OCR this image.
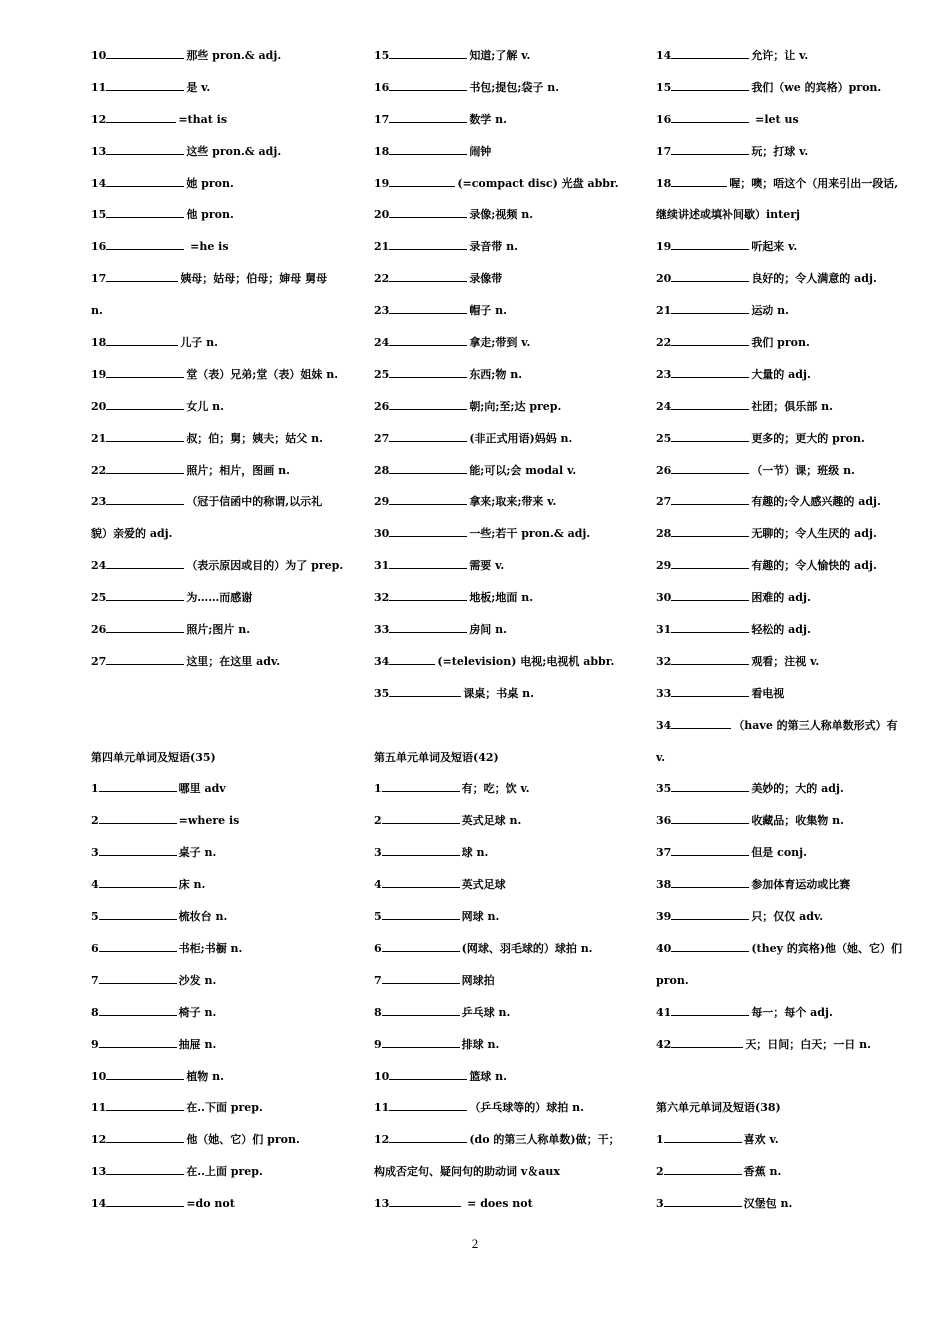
10	那些 pron.& adj.
11	是 v.
12	=that is
13	这些 pron.& adj.
14	她 pron.
15	他 pron.
16	=he is
17	姨母；姑母；伯母；婶母 舅母
n.
18	儿子 n.
19	堂（表）兄弟;堂（表）姐妹 n.
20	女儿 n.
21	叔；伯；舅；姨夫；姑父 n.
22	照片；相片，图画 n.
23	（冠于信函中的称谓,以示礼
貌）亲爱的 adj.
24	（表示原因或目的）为了 prep.
25	为……而感谢
26	照片;图片 n.
27	这里；在这里 adv.
第四单元单词及短语(35)
1	哪里 adv
2	=where is
3	桌子 n.
4	床 n.
5	梳妆台 n.
6	书柜;书橱 n.
7	沙发 n.
8	椅子 n.
9	抽屉 n.
10	植物 n.
11	在..下面 prep.
12	他（她、它）们 pron.
13	在..上面 prep.
14	=do not
15	知道;了解 v.
16	书包;提包;袋子 n.
17	数学 n.
18	闹钟
19	(=compact disc) 光盘 abbr.
20	录像;视频 n.
21	录音带 n.
22	录像带
23	帽子 n.
24	拿走;带到 v.
25	东西;物 n.
26	朝;向;至;达 prep.
27	(非正式用语)妈妈 n.
28	能;可以;会 modal v.
29	拿来;取来;带来 v.
30	一些;若干 pron.& adj.
31	需要 v.
32	地板;地面 n.
33	房间 n.
34	(=television) 电视;电视机 abbr.
35	课桌；书桌 n.
第五单元单词及短语(42)
1	有；吃；饮 v.
2	英式足球 n.
3	球 n.
4	英式足球
5	网球 n.
6	(网球、羽毛球的）球拍 n.
7	网球拍
8	乒乓球 n.
9	排球 n.
10	篮球 n.
11	（乒乓球等的）球拍 n.
12	(do 的第三人称单数)做；干；
构成否定句、疑问句的助动词 v＆aux
13	= does not
14	允许；让 v.
15	我们（we 的宾格）pron.
16	=let us
17	玩；打球 v.
18	喔；噢；唔这个（用来引出一段话,
继续讲述或填补间歇）interj
19	听起来 v.
20	良好的；令人满意的 adj.
21	运动 n.
22	我们 pron.
23	大量的 adj.
24	社团；俱乐部 n.
25	更多的；更大的 pron.
26	（一节）课；班级 n.
27	有趣的;令人感兴趣的 adj.
28	无聊的；令人生厌的 adj.
29	有趣的；令人愉快的 adj.
30	困难的 adj.
31	轻松的 adj.
32	观看；注视 v.
33	看电视
34	（have 的第三人称单数形式）有
v.
35	美妙的；大的 adj.
36	收藏品；收集物 n.
37	但是 conj.
38	参加体育运动或比赛
39	只；仅仅 adv.
40	(they 的宾格)他（她、它）们
pron.
41	每一；每个 adj.
42	天；日间；白天；一日 n.
第六单元单词及短语(38)
1	喜欢 v.
2	香蕉 n.
3	汉堡包 n.
2
